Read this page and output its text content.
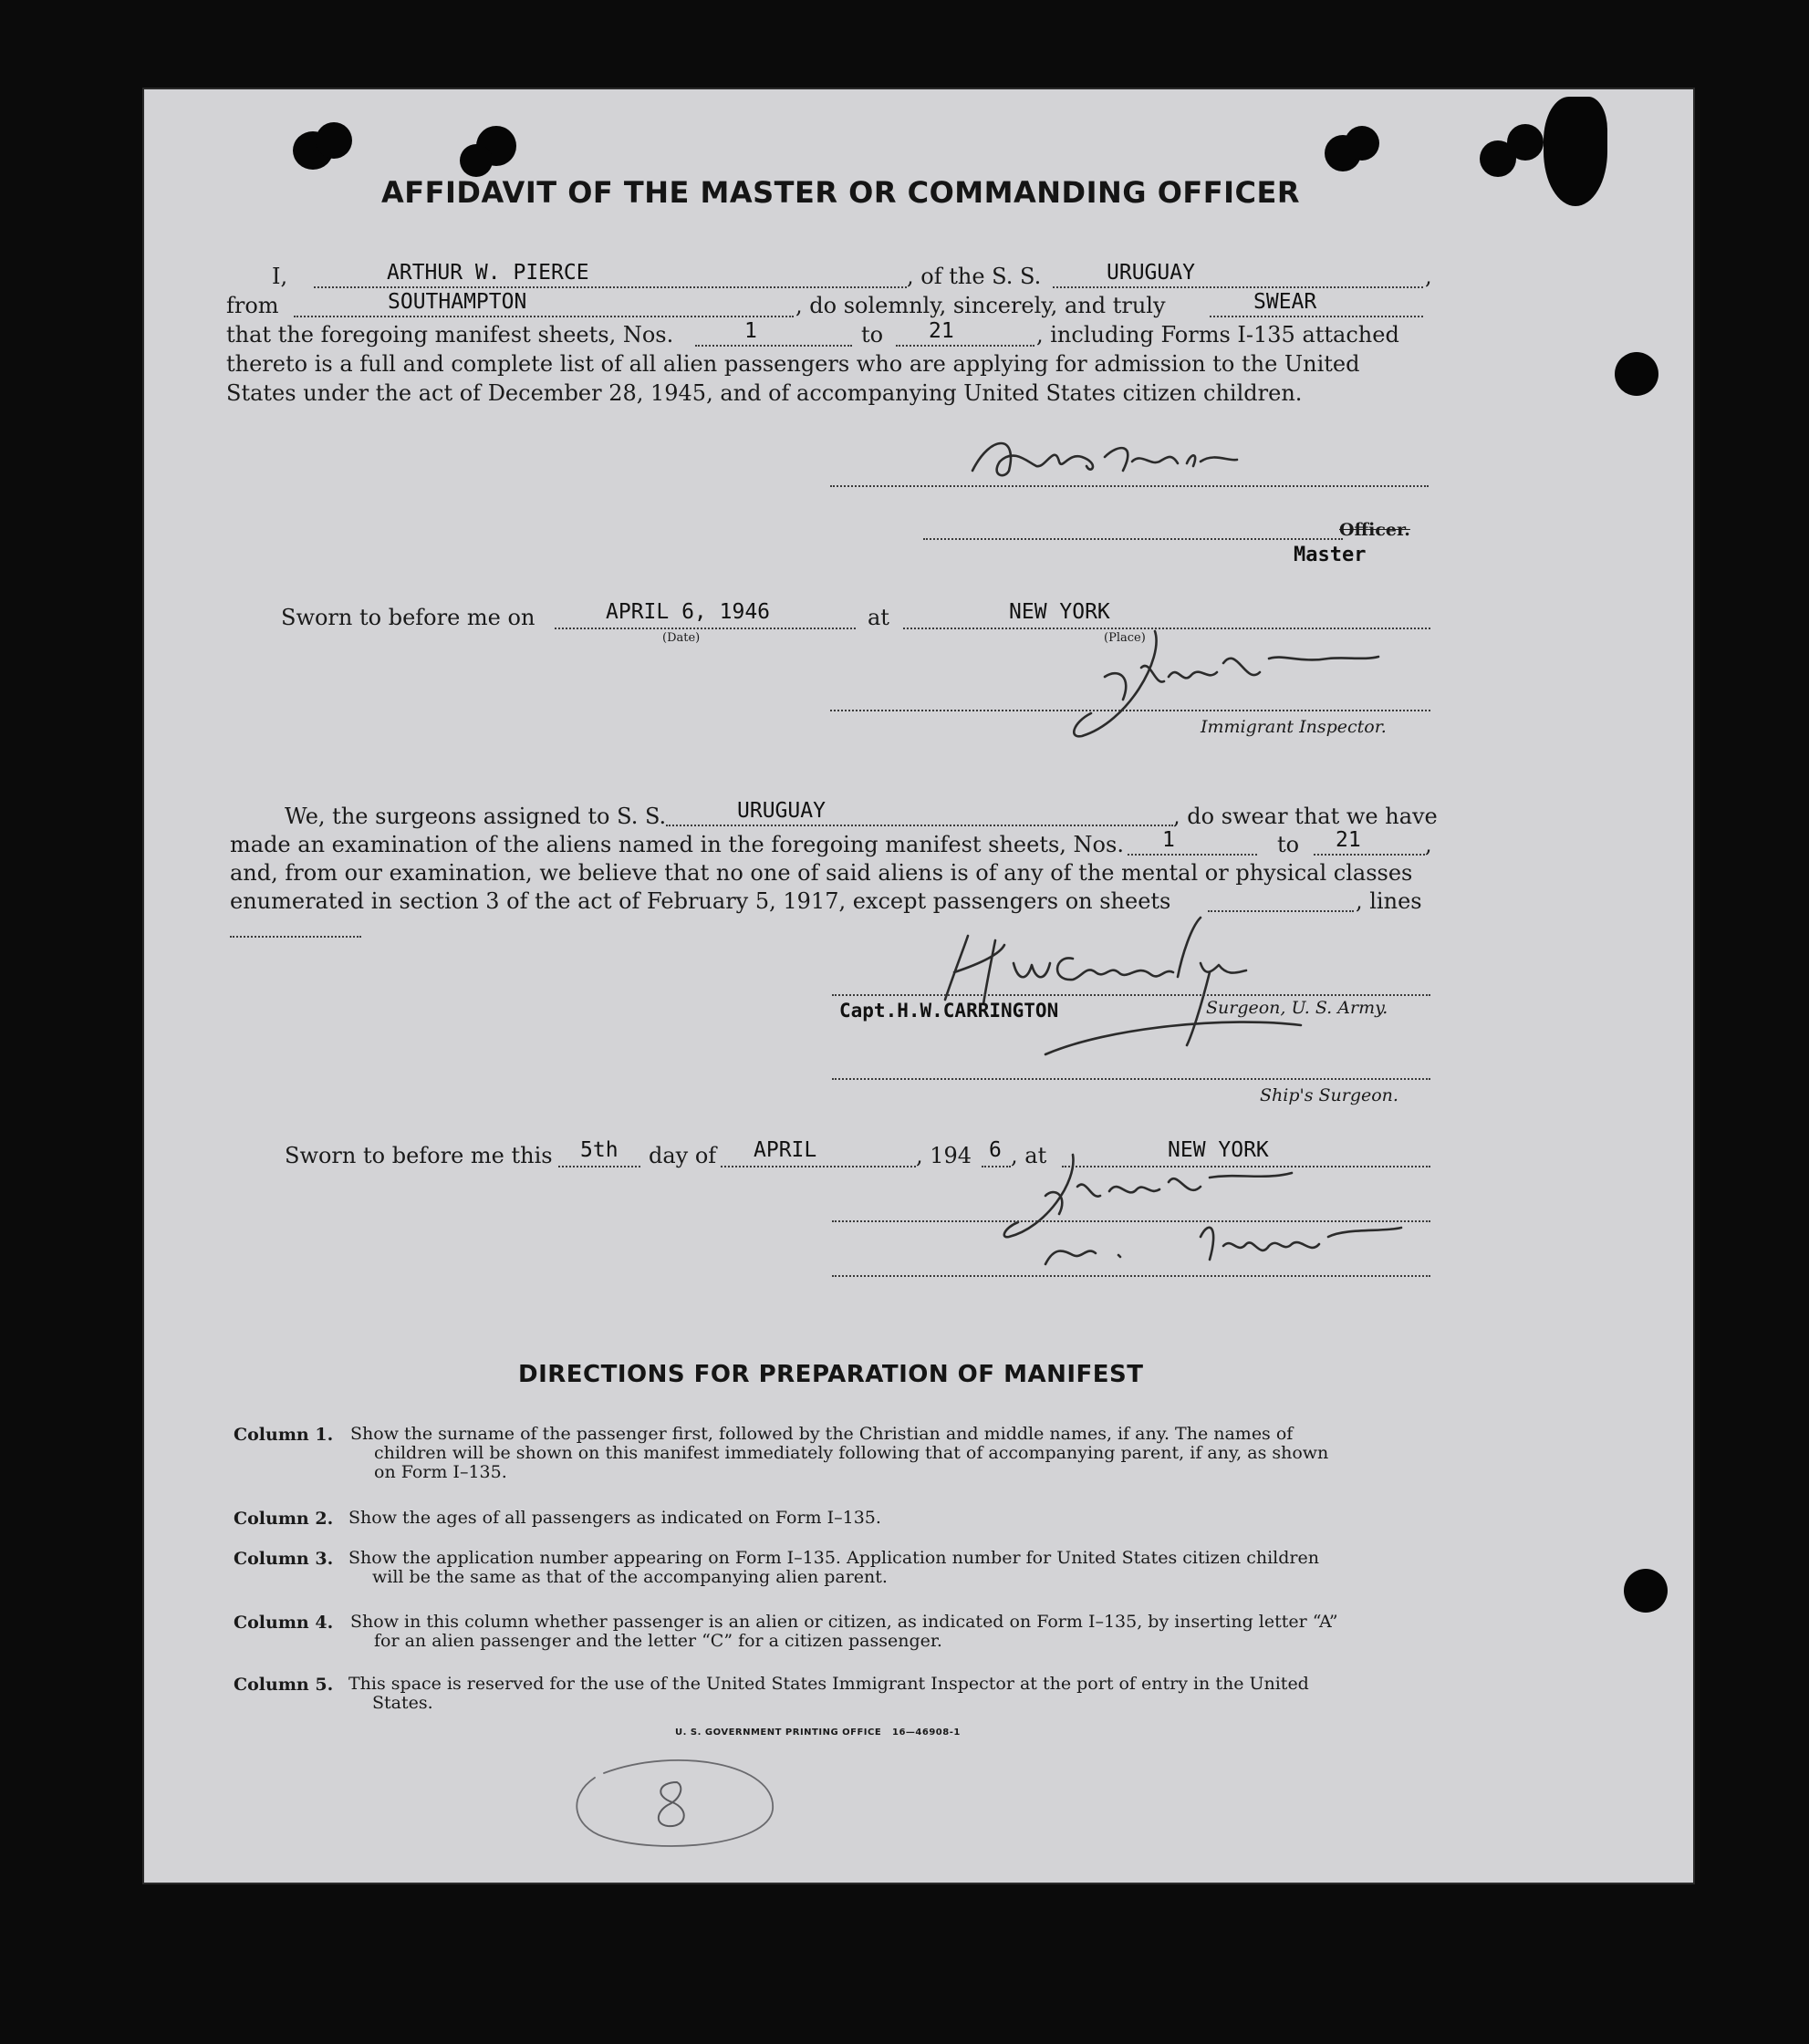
AFFIDAVIT OF THE MASTER OR COMMANDING OFFICER
I,	ARTHUR W. PIERCE	, of the S. S.	URUGUAY	,
from	SOUTHAMPTON	, do solemnly, sincerely, and truly	SWEAR
that the foregoing manifest sheets, Nos.	1	to 21	, including Forms I-135 attached
thereto is a full and complete list of all alien passengers who are applying for admission to the United
States under the act of December 28, 1945, and of accompanying United States citizen children.
Officer.
Master
Sworn to before me on	APRIL 6, 1946
(Date)
at	NEW YORK
(Place)
Immigrant Inspector.
We, the surgeons assigned to S. S.	URUGUAY	, do swear that we have
made an examination of the aliens named in the foregoing manifest sheets, Nos. 1	to 21	,
and, from our examination, we believe that no one of said aliens is of any of the mental or physical classes
enumerated in section 3 of the act of February 5, 1917, except passengers on sheets	, lines
Capt.H.W.CARRINGTON	Surgeon, U. S. Army.
Ship's Surgeon.
Sworn to before me this 5th day of APRIL	, 194 6 , at	NEW YORK
DIRECTIONS FOR PREPARATION OF MANIFEST
Column 1. Show the surname of the passenger first, followed by the Christian and middle names, if any. The names of
children will be shown on this manifest immediately following that of accompanying parent, if any, as shown
on Form I–135.
Column 2. Show the ages of all passengers as indicated on Form I–135.
Column 3. Show the application number appearing on Form I–135. Application number for United States citizen children
will be the same as that of the accompanying alien parent.
Column 4. Show in this column whether passenger is an alien or citizen, as indicated on Form I–135, by inserting letter “A”
for an alien passenger and the letter “C” for a citizen passenger.
Column 5. This space is reserved for the use of the United States Immigrant Inspector at the port of entry in the United
States.
U. S. GOVERNMENT PRINTING OFFICE 16—46908-1
